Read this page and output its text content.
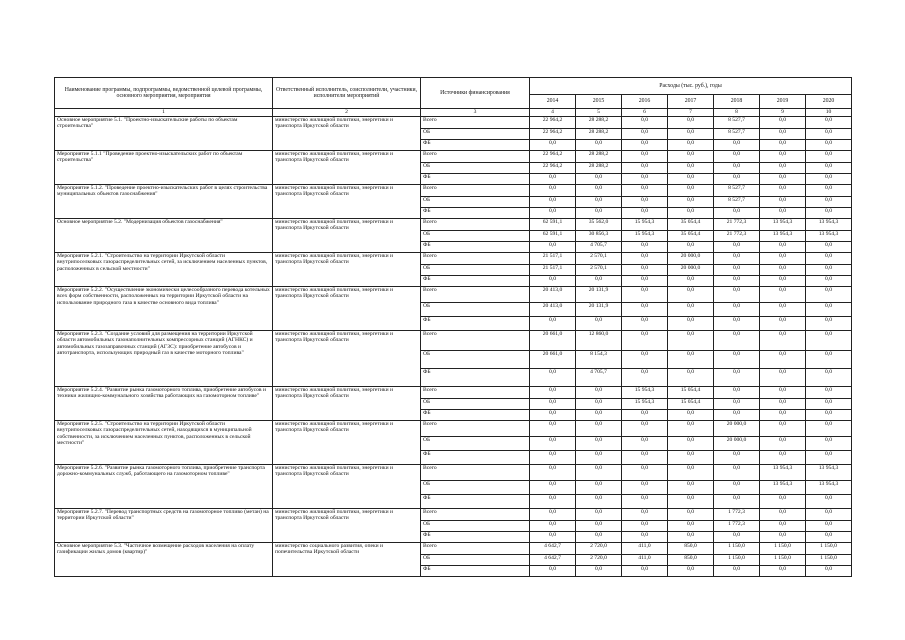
Наименование программы, подпрограммы, ведомственной целевой программы, основного мероприятия, мероприятия	Ответственный исполнитель, соисполнители, участники, исполнители мероприятий	Источники финансирования	Расходы (тыс. руб.), годы						
			2014	2015	2016	2017	2018	2019	2020
1	2	3	4	5	6	7	8	9	10
Основное мероприятие 5.1. "Проектно-изыскательские работы по объектам строительства"	министерство жилищной политики, энергетики и транспорта Иркутской области	Всего	22 964,2	28 288,2	0,0	0,0	8 527,7	0,0	0,0
		ОБ	22 964,2	28 288,2	0,0	0,0	8 527,7	0,0	0,0
		ФБ	0,0	0,0	0,0	0,0	0,0	0,0	0,0
Мероприятие 5.1.1 "Проведение проектно-изыскательских работ по объектам строительства"	министерство жилищной политики, энергетики и транспорта Иркутской области	Всего	22 964,2	28 288,2	0,0	0,0	0,0	0,0	0,0
		ОБ	22 964,2	28 288,2	0,0	0,0	0,0	0,0	0,0
		ФБ	0,0	0,0	0,0	0,0	0,0	0,0	0,0
Мероприятие 5.1.2. "Проведение проектно-изыскательских работ в целях строительства муниципальных объектов газоснабжения"	министерство жилищной политики, энергетики и транспорта Иркутской области	Всего	0,0	0,0	0,0	0,0	8 527,7	0,0	0,0
		ОБ	0,0	0,0	0,0	0,0	8 527,7	0,0	0,0
		ФБ	0,0	0,0	0,0	0,0	0,0	0,0	0,0
Основное мероприятие 5.2. "Модернизация объектов газоснабжения"	министерство жилищной политики, энергетики и транспорта Иркутской области	Всего	62 591,1	35 562,0	15 954,3	35 054,4	21 772,3	13 954,3	13 954,3
		ОБ	62 591,1	30 856,3	15 954,3	35 054,4	21 772,3	13 954,3	13 954,3
		ФБ	0,0	4 705,7	0,0	0,0	0,0	0,0	0,0
Мероприятие 5.2.1. "Строительство на территории Иркутской области внутрипоселковых газораспределительных сетей, за исключением населенных пунктов, расположенных в сельской местности"	министерство жилищной политики, энергетики и транспорта Иркутской области	Всего	21 517,1	2 570,1	0,0	20 000,0	0,0	0,0	0,0
		ОБ	21 517,1	2 570,1	0,0	20 000,0	0,0	0,0	0,0
		ФБ	0,0	0,0	0,0	0,0	0,0	0,0	0,0
Мероприятие 5.2.2. "Осуществление экономически целесообразного перевода котельных всех форм собственности, расположенных на территории Иркутской области на использование природного газа в качестве основного вида топлива"	министерство жилищной политики, энергетики и транспорта Иркутской области	Всего	20 413,0	20 131,9	0,0	0,0	0,0	0,0	0,0
		ОБ	20 413,0	20 131,9	0,0	0,0	0,0	0,0	0,0
		ФБ	0,0	0,0	0,0	0,0	0,0	0,0	0,0
Мероприятие 5.2.3. "Создание условий для размещения на территории Иркутской области автомобильных газонаполнительных компрессорных станций (АГНКС) и автомобильных газозаправочных станций (АГЗС): приобретение автобусов и автотранспорта, использующих природный газ в качестве моторного топлива"	министерство жилищной политики, энергетики и транспорта Иркутской области	Всего	20 661,0	12 860,0	0,0	0,0	0,0	0,0	0,0
		ОБ	20 661,0	8 154,3	0,0	0,0	0,0	0,0	0,0
		ФБ	0,0	4 705,7	0,0	0,0	0,0	0,0	0,0
Мероприятие 5.2.4. "Развитие рынка газомоторного топлива, приобретение автобусов и техники жилищно-коммунального хозяйства работающих на газомоторном топливе"	министерство жилищной политики, энергетики и транспорта Иркутской области	Всего	0,0	0,0	15 954,3	15 054,4	0,0	0,0	0,0
		ОБ	0,0	0,0	15 954,3	15 054,4	0,0	0,0	0,0
		ФБ	0,0	0,0	0,0	0,0	0,0	0,0	0,0
Мероприятие 5.2.5. "Строительство на территории Иркутской области внутрипоселковых газораспределительных сетей, находящихся в муниципальной собственности, за исключением населенных пунктов, расположенных в сельской местности"	министерство жилищной политики, энергетики и транспорта Иркутской области	Всего	0,0	0,0	0,0	0,0	20 000,0	0,0	0,0
		ОБ	0,0	0,0	0,0	0,0	20 000,0	0,0	0,0
		ФБ	0,0	0,0	0,0	0,0	0,0	0,0	0,0
Мероприятие 5.2.6. "Развитие рынка газомоторного топлива, приобретение транспорта дорожно-коммунальных служб, работающего на газомоторном топливе"	министерство жилищной политики, энергетики и транспорта Иркутской области	Всего	0,0	0,0	0,0	0,0	0,0	13 954,3	13 954,3
		ОБ	0,0	0,0	0,0	0,0	0,0	13 954,3	13 954,3
		ФБ	0,0	0,0	0,0	0,0	0,0	0,0	0,0
Мероприятие 5.2.7. "Перевод транспортных средств на газомоторное топливо (метан) на территории Иркутской области"	министерство жилищной политики, энергетики и транспорта Иркутской области	Всего	0,0	0,0	0,0	0,0	1 772,3	0,0	0,0
		ОБ	0,0	0,0	0,0	0,0	1 772,3	0,0	0,0
		ФБ	0,0	0,0	0,0	0,0	0,0	0,0	0,0
Основное мероприятие 5.3. "Частичное возмещение расходов населения на оплату газификации жилых домов (квартир)"	министерство социального развития, опеки и попечительства Иркутской области	Всего	4 642,7	2 720,0	411,0	850,0	1 150,0	1 150,0	1 150,0
		ОБ	4 642,7	2 720,0	411,0	850,0	1 150,0	1 150,0	1 150,0
		ФБ	0,0	0,0	0,0	0,0	0,0	0,0	0,0
